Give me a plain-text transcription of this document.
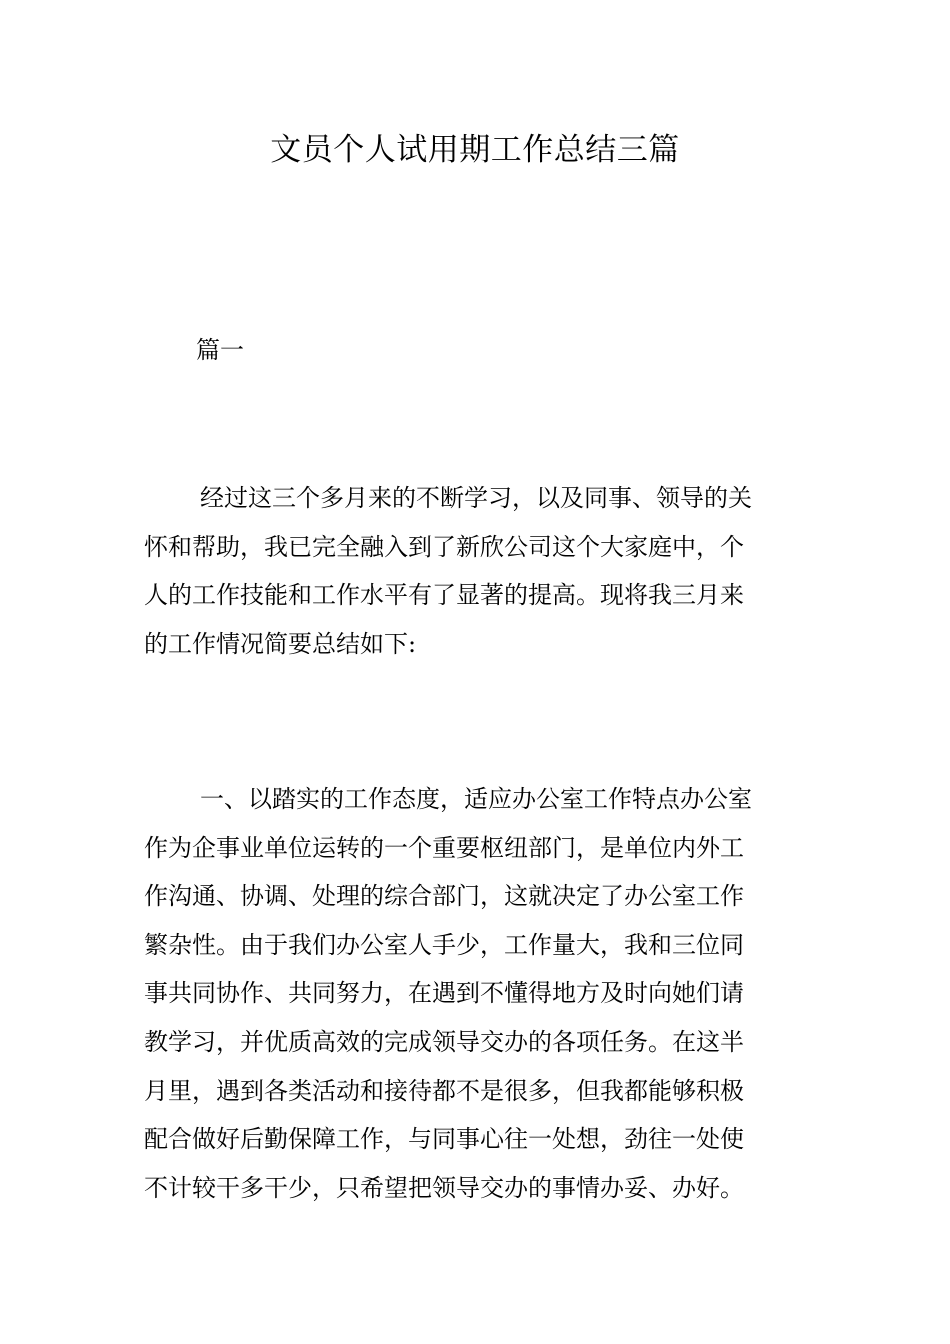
文员个人试用期工作总结三篇

篇一

经过这三个多月来的不断学习，以及同事、领导的关
怀和帮助，我已完全融入到了新欣公司这个大家庭中，个
人的工作技能和工作水平有了显著的提高。现将我三月来
的工作情况简要总结如下:

一、以踏实的工作态度，适应办公室工作特点办公室
作为企事业单位运转的一个重要枢纽部门，是单位内外工
作沟通、协调、处理的综合部门，这就决定了办公室工作
繁杂性。由于我们办公室人手少，工作量大，我和三位同
事共同协作、共同努力，在遇到不懂得地方及时向她们请
教学习，并优质高效的完成领导交办的各项任务。在这半
月里，遇到各类活动和接待都不是很多，但我都能够积极
配合做好后勤保障工作，与同事心往一处想，劲往一处使
不计较干多干少，只希望把领导交办的事情办妥、办好。
